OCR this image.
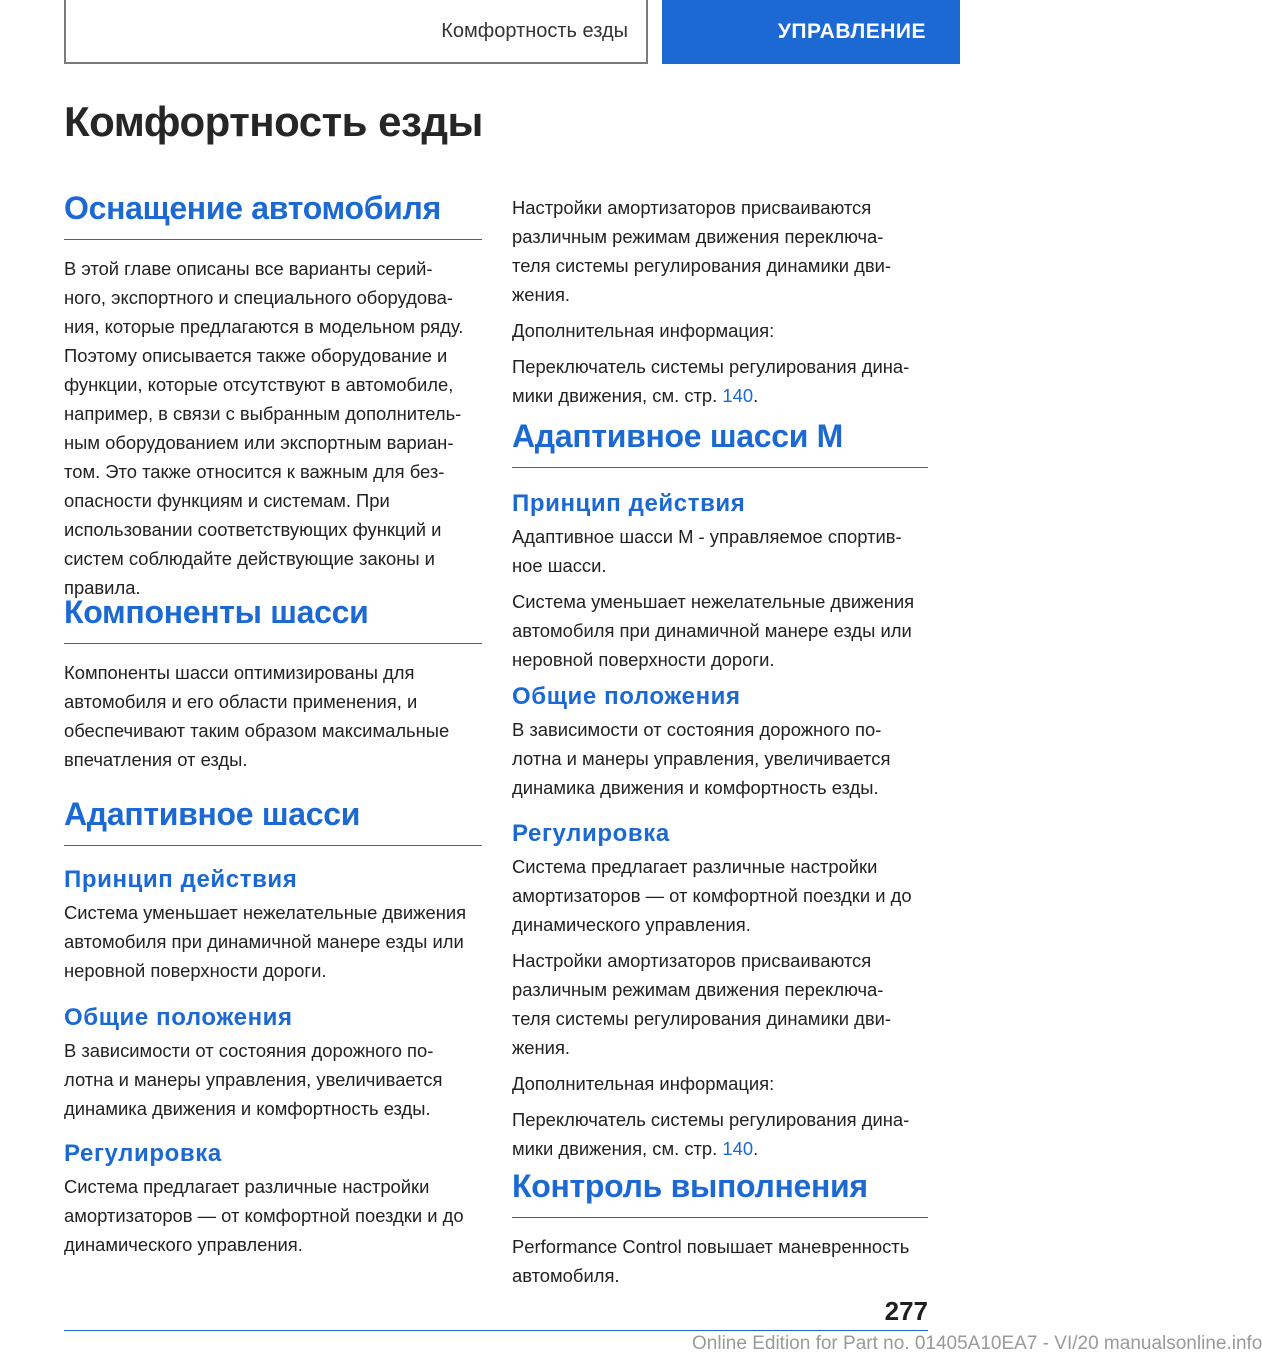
Комфортность езды	УПРАВЛЕНИЕ
Комфортность езды
Оснащение автомобиля

В этой главе описаны все варианты серий-
ного, экспортного и специального оборудова-
ния, которые предлагаются в модельном ряду.
Поэтому описывается также оборудование и
функции, которые отсутствуют в автомобиле,
например, в связи с выбранным дополнитель-
ным оборудованием или экспортным вариан-
том. Это также относится к важным для без-
опасности функциям и системам. При
использовании соответствующих функций и
систем соблюдайте действующие законы и
правила.

Компоненты шасси

Компоненты шасси оптимизированы для
автомобиля и его области применения, и
обеспечивают таким образом максимальные
впечатления от езды.

Адаптивное шасси
Принцип действия

Система уменьшает нежелательные движения
автомобиля при динамичной манере езды или
неровной поверхности дороги.

Общие положения

В зависимости от состояния дорожного по-
лотна и манеры управления, увеличивается
динамика движения и комфортность езды.

Регулировка

Система предлагает различные настройки
амортизаторов — от комфортной поездки и до
динамического управления.

Настройки амортизаторов присваиваются
различным режимам движения переключа-
теля системы регулирования динамики дви-
жения.

Дополнительная информация:

Переключатель системы регулирования дина-
мики движения, см. стр. 140.

Адаптивное шасси M
Принцип действия

Адаптивное шасси M - управляемое спортив-
ное шасси.

Система уменьшает нежелательные движения
автомобиля при динамичной манере езды или
неровной поверхности дороги.

Общие положения

В зависимости от состояния дорожного по-
лотна и манеры управления, увеличивается
динамика движения и комфортность езды.

Регулировка

Система предлагает различные настройки
амортизаторов — от комфортной поездки и до
динамического управления.

Настройки амортизаторов присваиваются
различным режимам движения переключа-
теля системы регулирования динамики дви-
жения.

Дополнительная информация:

Переключатель системы регулирования дина-
мики движения, см. стр. 140.

Контроль выполнения

Performance Control повышает маневренность
автомобиля.

277
Online Edition for Part no. 01405A10EA7 - VI/20 manualsonline.info
